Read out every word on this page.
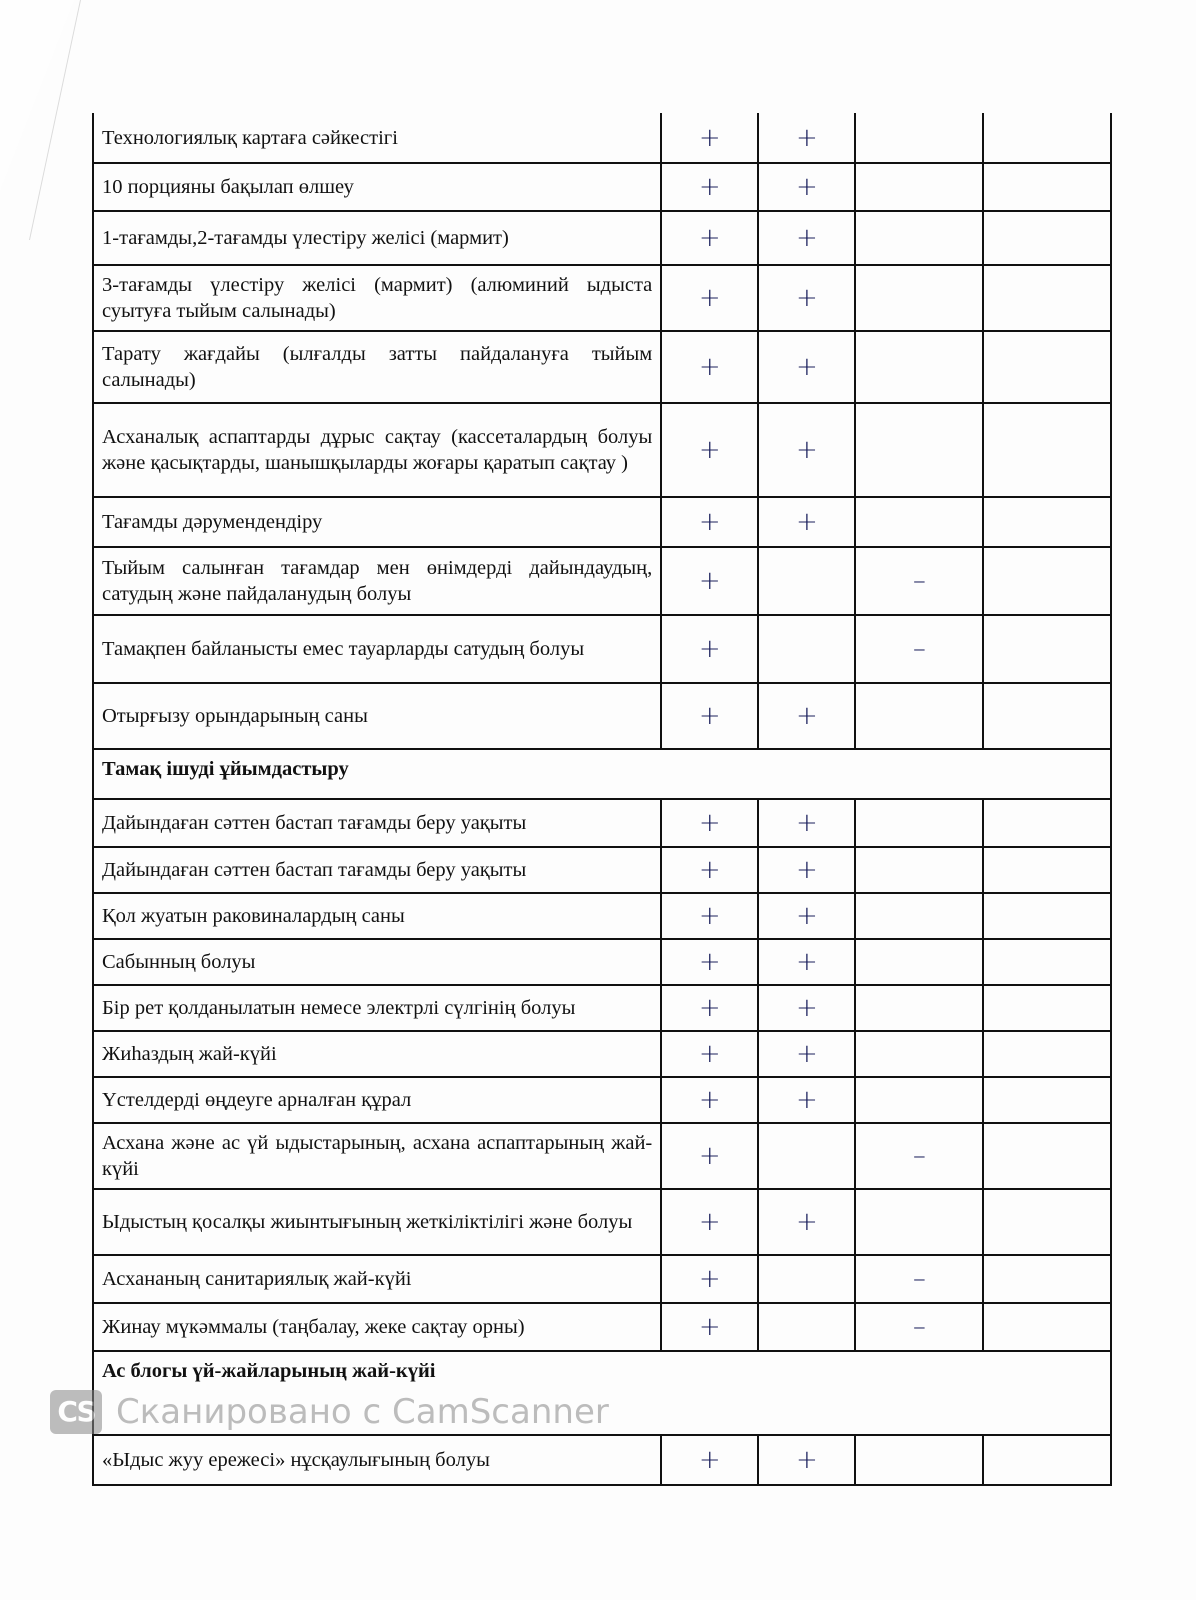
Технологиялық картаға сәйкестігі	+	+		
10 порцияны бақылап өлшеу	+	+		
1-тағамды,2-тағамды үлестіру желісі (мармит)	+	+		
3-тағамды үлестіру желісі (мармит) (алюминий ыдыста суытуға тыйым салынады)	+	+		
Тарату жағдайы (ылғалды затты пайдалануға тыйым салынады)	+	+		
Асханалық аспаптарды дұрыс сақтау (кассеталардың болуы және қасықтарды, шанышқыларды жоғары қаратып сақтау )	+	+		
Тағамды дәрумендендіру	+	+		
Тыйым салынған тағамдар мен өнімдерді дайындаудың, сатудың және пайдаланудың болуы	+		–	
Тамақпен байланысты емес тауарларды сатудың болуы	+		–	
Отырғызу орындарының саны	+	+		

Тамақ ішуді ұйымдастыру				

Дайындаған сәттен бастап тағамды беру уақыты	+	+		
Дайындаған сәттен бастап тағамды беру уақыты	+	+		
Қол жуатын раковиналардың саны	+	+		
Сабынның болуы	+	+		
Бір рет қолданылатын немесе электрлі сүлгінің болуы	+	+		
Жиһаздың жай-күйі	+	+		
Үстелдерді өңдеуге арналған құрал	+	+		
Асхана және ас үй ыдыстарының, асхана аспаптарының жай-күйі	+		–	
Ыдыстың қосалқы жиынтығының жеткіліктілігі және болуы	+	+		
Асхананың санитариялық жай-күйі	+		–	
Жинау мүкәммалы (таңбалау, жеке сақтау орны)	+		–	

Ас блогы үй-жайларының жай-күйі
CS Сканировано с CamScanner				

«Ыдыс жуу ережесі» нұсқаулығының болуы	+	+		
